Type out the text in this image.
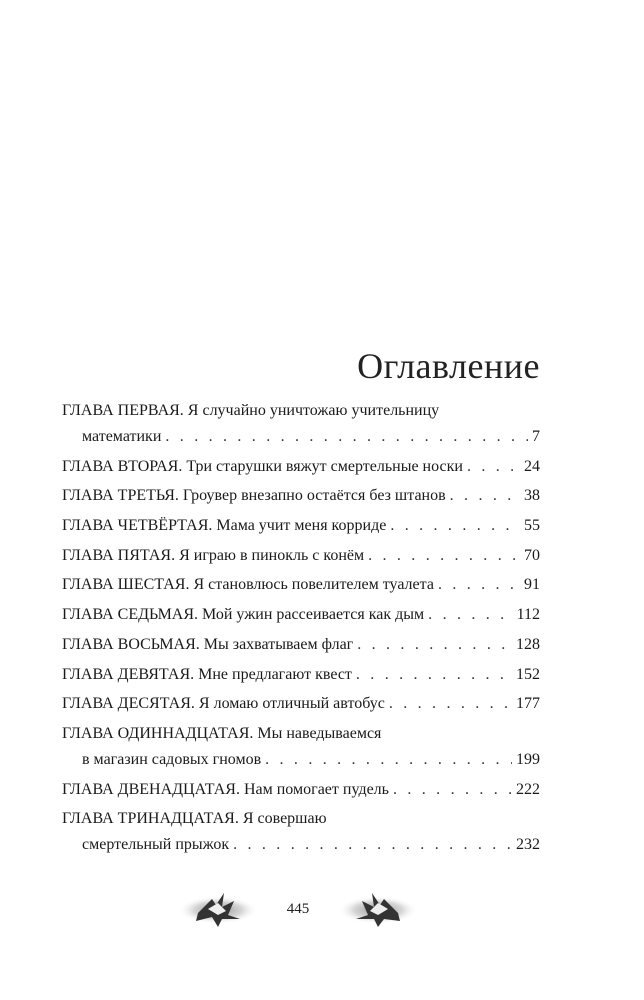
Оглавление
ГЛАВА ПЕРВАЯ. Я случайно уничтожаю учительницу
математики . . .	7
ГЛАВА ВТОРАЯ. Три старушки вяжут смертельные носки . . .	24
ГЛАВА ТРЕТЬЯ. Гроувер внезапно остаётся без штанов . . .	38
ГЛАВА ЧЕТВЁРТАЯ. Мама учит меня корриде . . .	55
ГЛАВА ПЯТАЯ. Я играю в пинокль с конём . . .	70
ГЛАВА ШЕСТАЯ. Я становлюсь повелителем туалета . . .	91
ГЛАВА СЕДЬМАЯ. Мой ужин рассеивается как дым . . .	112
ГЛАВА ВОСЬМАЯ. Мы захватываем флаг . . .	128
ГЛАВА ДЕВЯТАЯ. Мне предлагают квест . . .	152
ГЛАВА ДЕСЯТАЯ. Я ломаю отличный автобус . . .	177
ГЛАВА ОДИННАДЦАТАЯ. Мы наведываемся
в магазин садовых гномов . . .	199
ГЛАВА ДВЕНАДЦАТАЯ. Нам помогает пудель . . .	222
ГЛАВА ТРИНАДЦАТАЯ. Я совершаю
смертельный прыжок . . .	232
445
